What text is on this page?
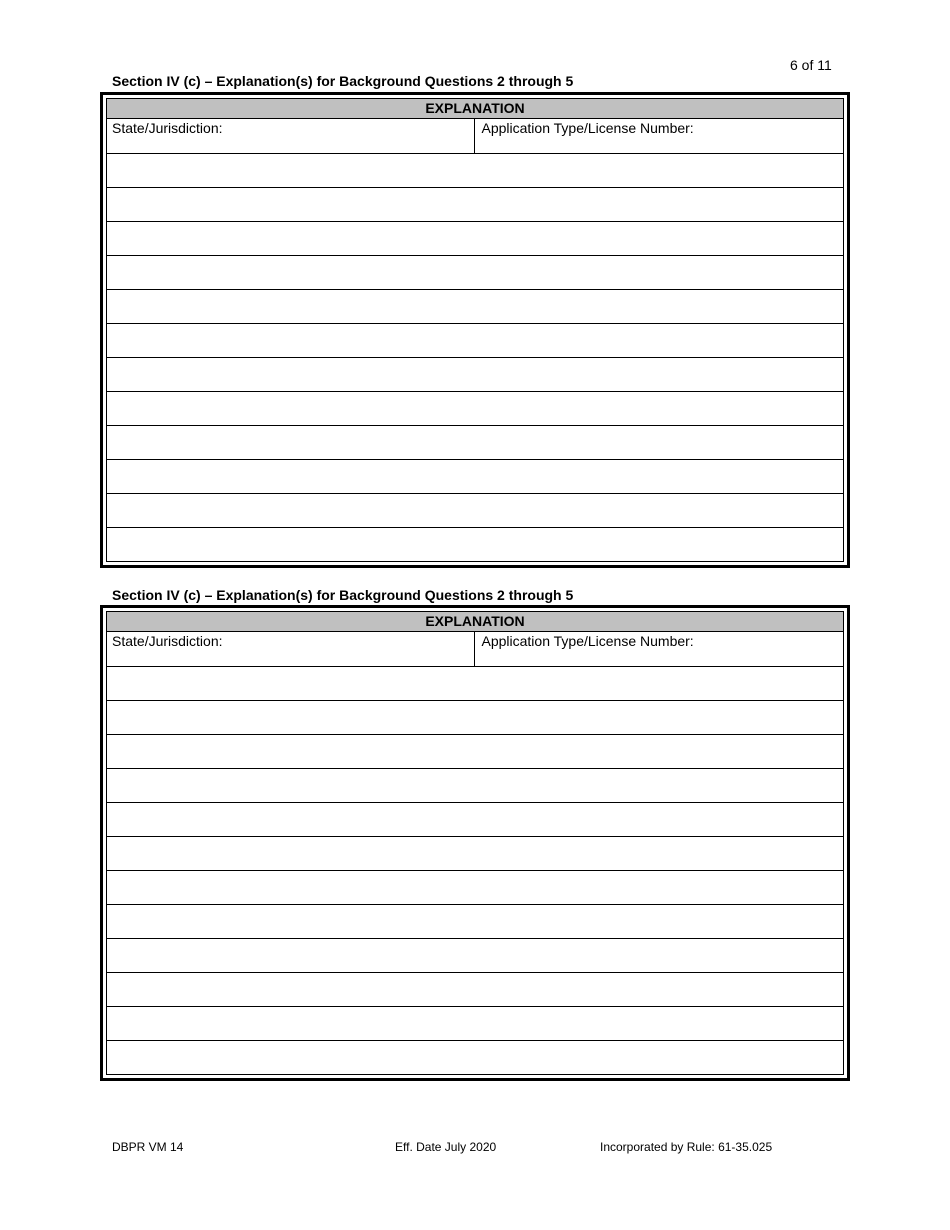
6 of 11
Section IV (c) – Explanation(s) for Background Questions 2 through 5
EXPLANATION
State/Jurisdiction:	Application Type/License Number:
Section IV (c) – Explanation(s) for Background Questions 2 through 5
EXPLANATION
State/Jurisdiction:	Application Type/License Number:
DBPR VM 14	Eff. Date July 2020	Incorporated by Rule: 61-35.025
